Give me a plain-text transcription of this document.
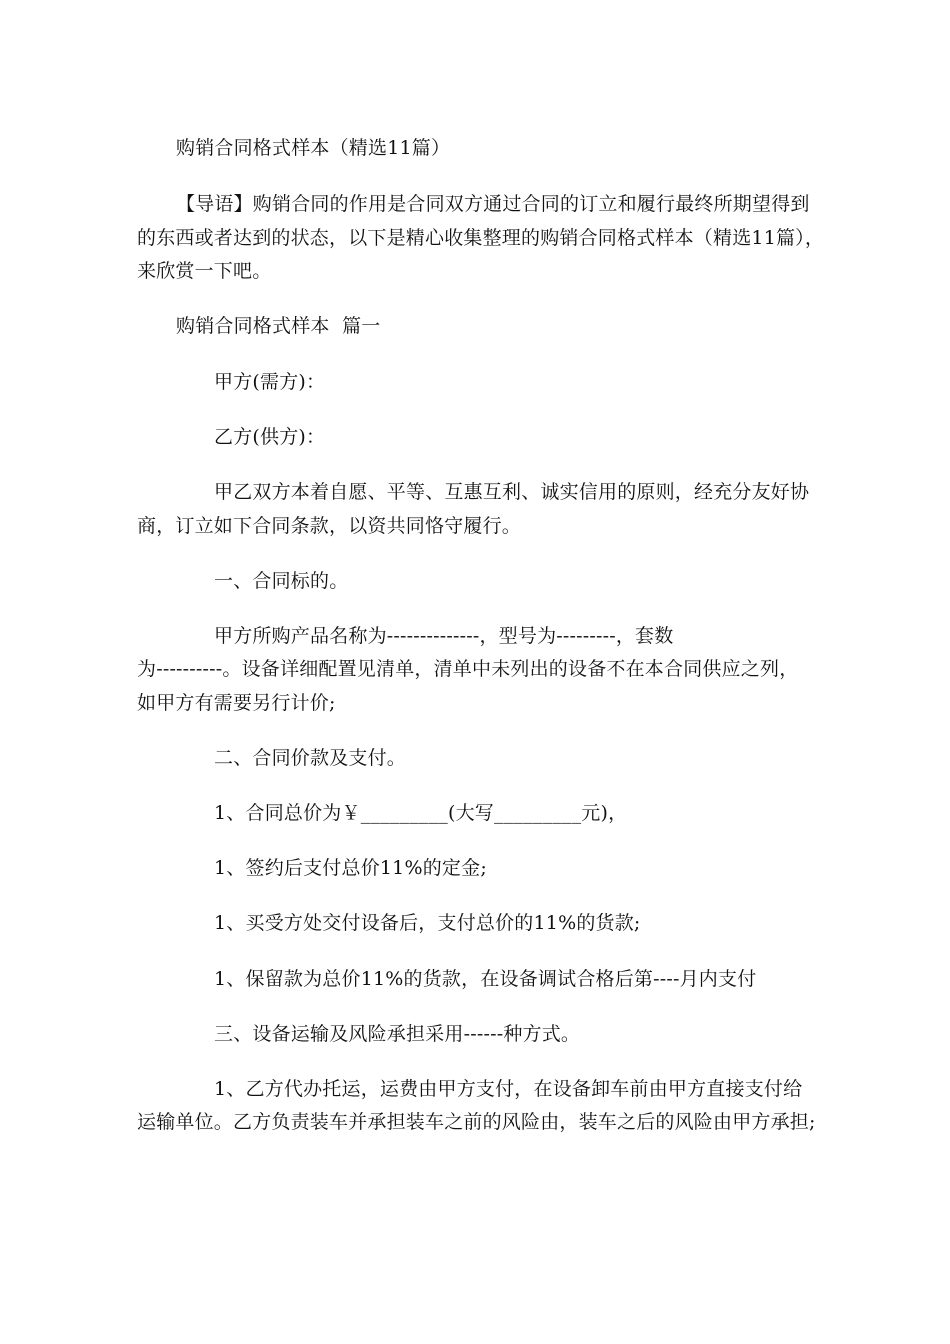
购销合同格式样本（精选11篇）
【导语】购销合同的作用是合同双方通过合同的订立和履行最终所期望得到
的东西或者达到的状态，以下是精心收集整理的购销合同格式样本（精选11篇），
来欣赏一下吧。
购销合同格式样本  篇一
甲方(需方)：
乙方(供方)：
甲乙双方本着自愿、平等、互惠互利、诚实信用的原则，经充分友好协
商，订立如下合同条款，以资共同恪守履行。
一、合同标的。
甲方所购产品名称为--------------，型号为---------，套数
为----------。设备详细配置见清单，清单中未列出的设备不在本合同供应之列，
如甲方有需要另行计价;
二、合同价款及支付。
1、合同总价为￥_________(大写_________元)，
1、签约后支付总价11%的定金;
1、买受方处交付设备后，支付总价的11%的货款;
1、保留款为总价11%的货款，在设备调试合格后第----月内支付
三、设备运输及风险承担采用------种方式。
1、乙方代办托运，运费由甲方支付，在设备卸车前由甲方直接支付给
运输单位。乙方负责装车并承担装车之前的风险由，装车之后的风险由甲方承担;
